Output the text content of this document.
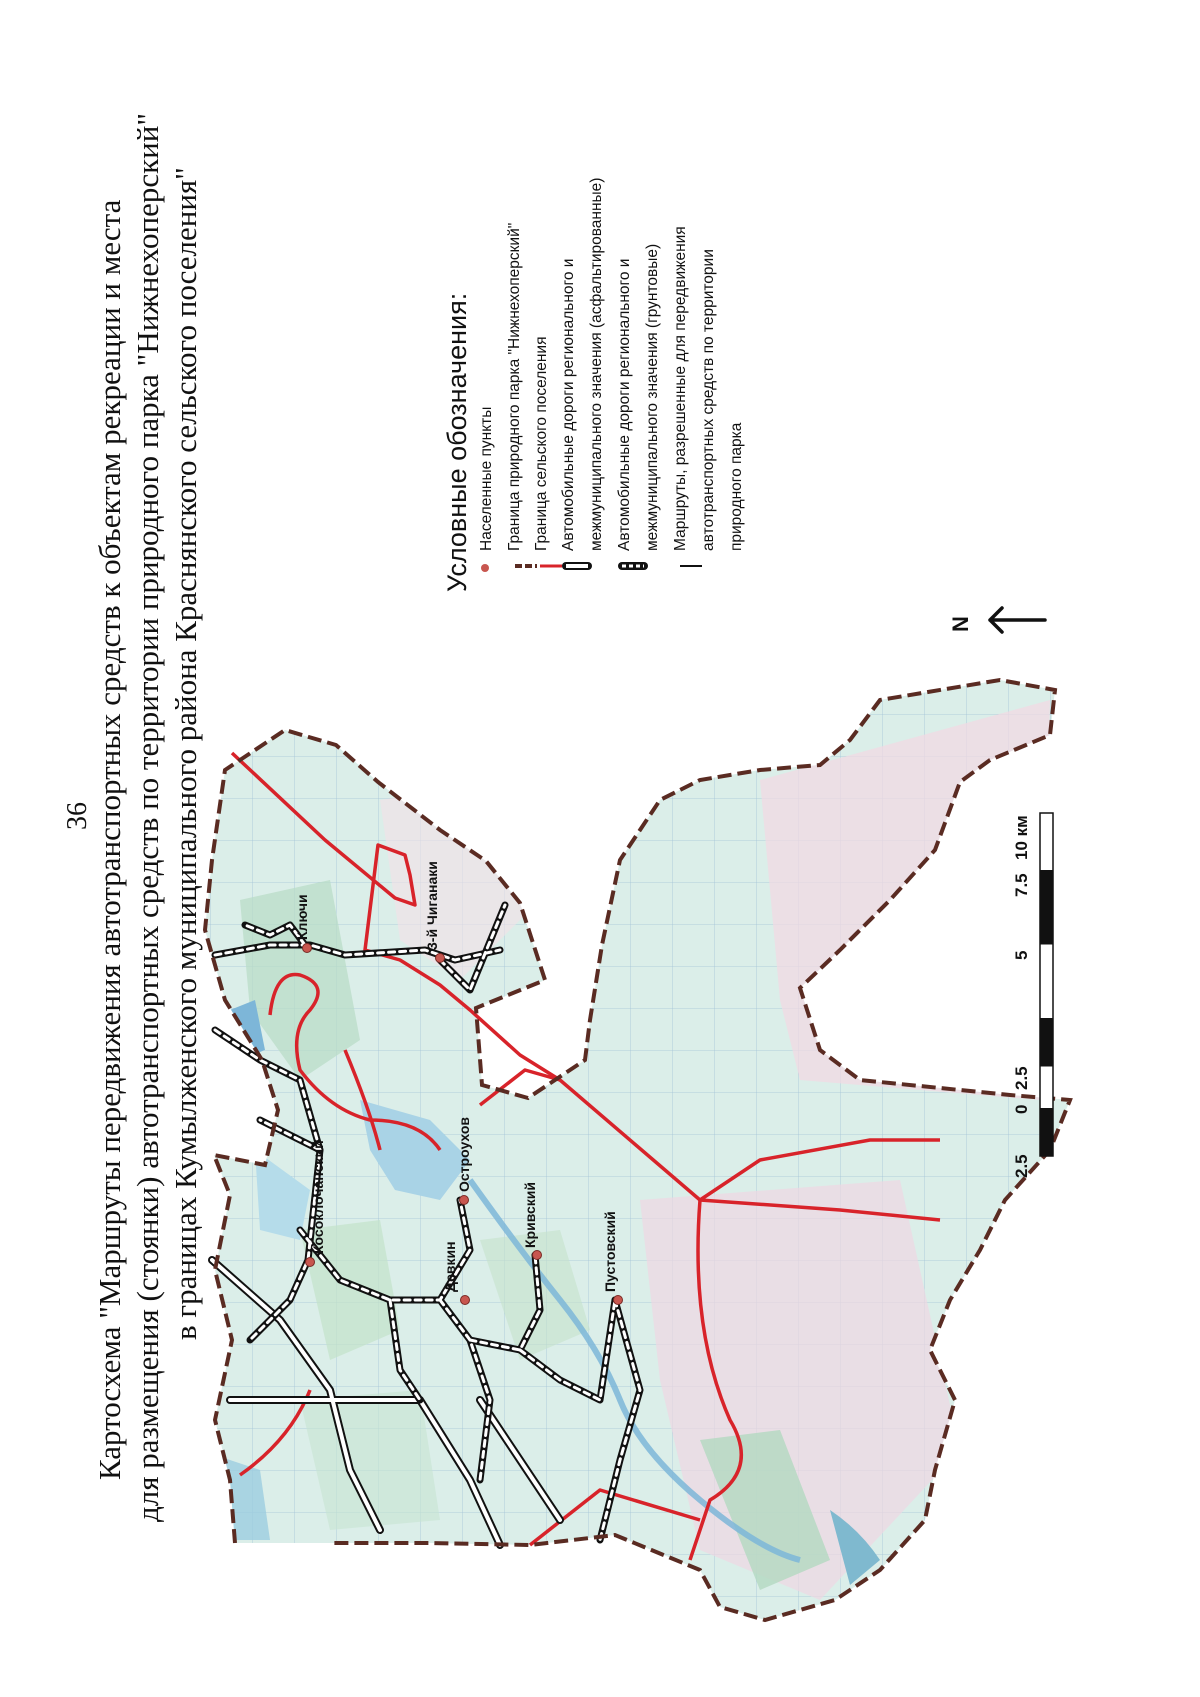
36 Картосхема "Маршруты передвижения автотранспортных средств к объектам рекреации и места для размещения (стоянки) автотранспортных средств по территории природного парка "Нижнехоперский" в границах Кумылженского муниципального района Краснянского сельского поселения"	Условные обозначения: Населенные пункты Граница природного парка "Нижнехоперский" Граница сельского поселения Автомобильные дороги регионального и межмуниципального значения (асфальтированные) Автомобильные дороги регионального и межмуниципального значения (грунтовые) Маршруты, разрешенные для передвижения автотранспортных средств по территории природного парка
N
2.5
0
2.5
5
7.5
10 км
Ключи	3-й Чиганаки
Косоклочанский	Остроухов
Девкин
Кривский	Пустовский
